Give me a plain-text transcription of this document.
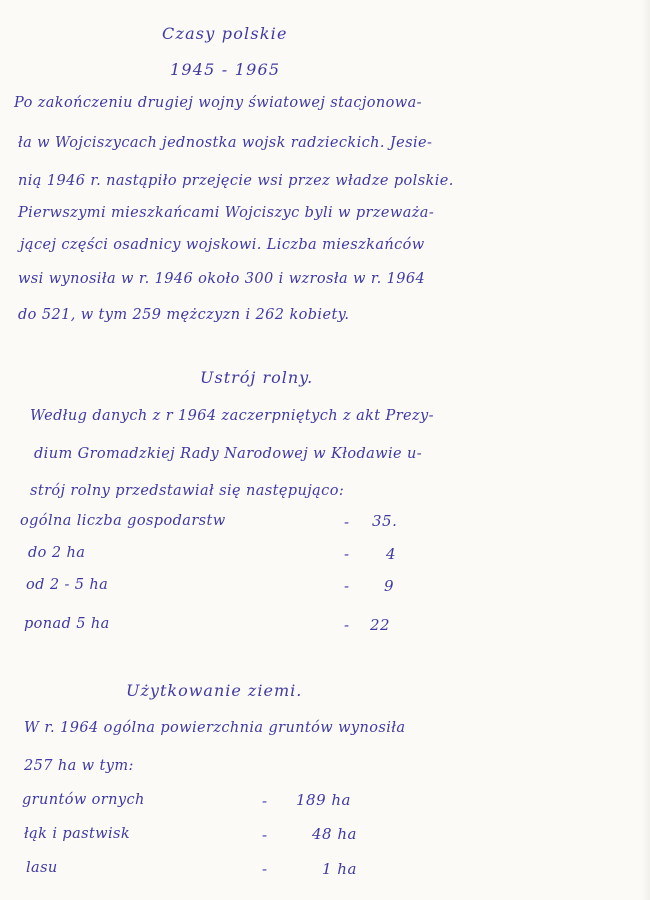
Czasy polskie
1945 - 1965
Po zakończeniu drugiej wojny światowej stacjonowa-
ła w Wojciszycach jednostka wojsk radzieckich. Jesie-
nią 1946 r. nastąpiło przejęcie wsi przez władze polskie.
Pierwszymi mieszkańcami Wojciszyc byli w przeważa-
jącej części osadnicy wojskowi. Liczba mieszkańców
wsi wynosiła w r. 1946 około 300 i wzrosła w r. 1964
do 521, w tym 259 mężczyzn i 262 kobiety.
Ustrój rolny.
Według danych z r 1964 zaczerpniętych z akt Prezy-
dium Gromadzkiej Rady Narodowej w Kłodawie u-
strój rolny przedstawiał się następująco:
ogólna liczba gospodarstw	- 35.
do 2 ha	- 4
od 2 - 5 ha	- 9
ponad 5 ha	- 22
Użytkowanie ziemi.
W r. 1964 ogólna powierzchnia gruntów wynosiła
257 ha w tym:
gruntów ornych	- 189 ha
łąk i pastwisk	-	48 ha
lasu	-	1 ha
